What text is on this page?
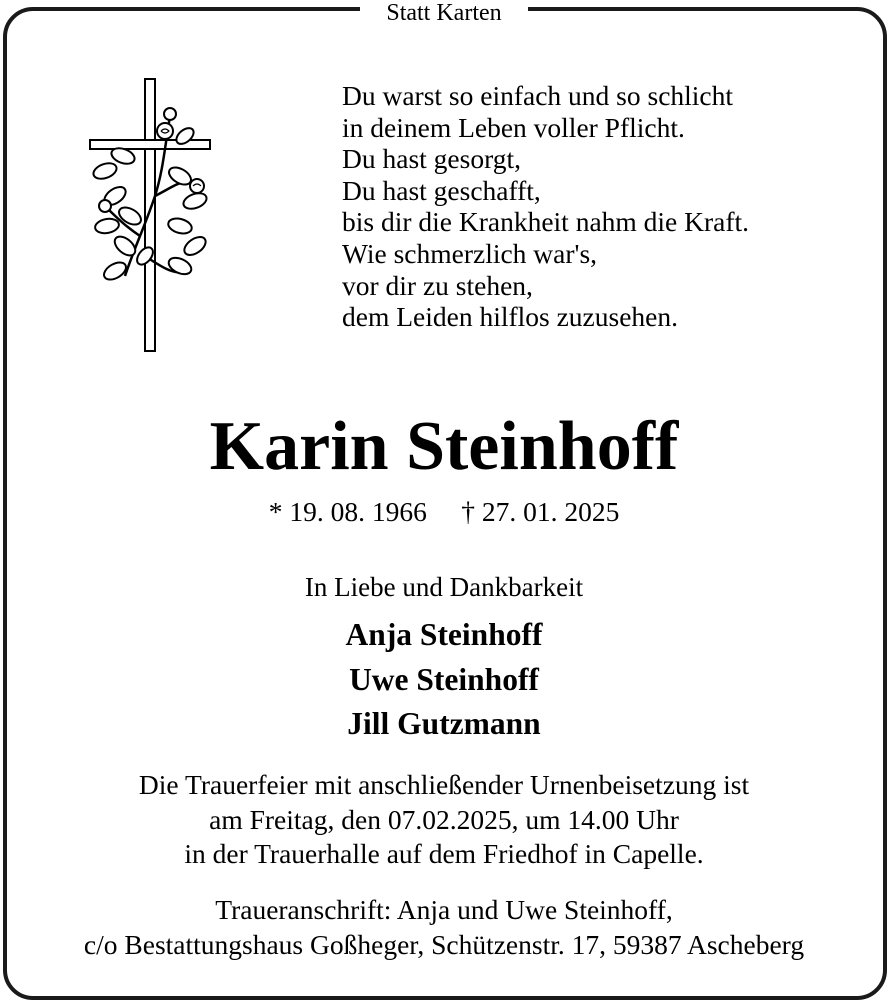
Statt Karten
Du warst so einfach und so schlicht
in deinem Leben voller Pflicht.
Du hast gesorgt,
Du hast geschafft,
bis dir die Krankheit nahm die Kraft.
Wie schmerzlich war's,
vor dir zu stehen,
dem Leiden hilflos zuzusehen.
Karin Steinhoff
* 19. 08. 1966 † 27. 01. 2025
In Liebe und Dankbarkeit
Anja Steinhoff
Uwe Steinhoff
Jill Gutzmann
Die Trauerfeier mit anschließender Urnenbeisetzung ist
am Freitag, den 07.02.2025, um 14.00 Uhr
in der Trauerhalle auf dem Friedhof in Capelle.
Traueranschrift: Anja und Uwe Steinhoff,
c/o Bestattungshaus Goßheger, Schützenstr. 17, 59387 Ascheberg
